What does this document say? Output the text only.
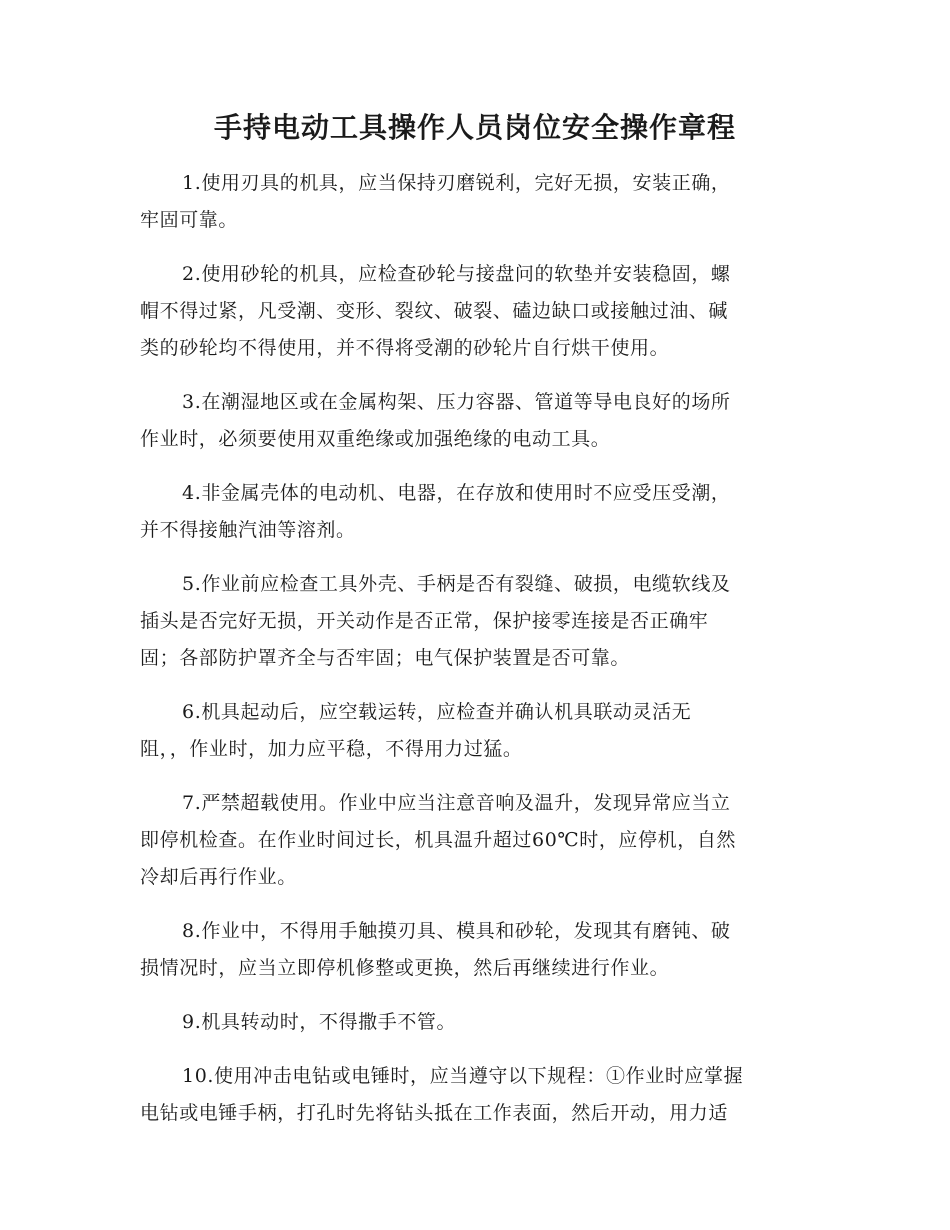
手持电动工具操作人员岗位安全操作章程

1.使用刃具的机具，应当保持刃磨锐利，完好无损，安装正确，
牢固可靠。

2.使用砂轮的机具，应检查砂轮与接盘问的软垫并安装稳固，螺
帽不得过紧，凡受潮、变形、裂纹、破裂、磕边缺口或接触过油、碱
类的砂轮均不得使用，并不得将受潮的砂轮片自行烘干使用。

3.在潮湿地区或在金属构架、压力容器、管道等导电良好的场所
作业时，必须要使用双重绝缘或加强绝缘的电动工具。

4.非金属壳体的电动机、电器，在存放和使用时不应受压受潮，
并不得接触汽油等溶剂。

5.作业前应检查工具外壳、手柄是否有裂缝、破损，电缆软线及
插头是否完好无损，开关动作是否正常，保护接零连接是否正确牢
固；各部防护罩齐全与否牢固；电气保护装置是否可靠。

6.机具起动后，应空载运转，应检查并确认机具联动灵活无
阻，，作业时，加力应平稳，不得用力过猛。

7.严禁超载使用。作业中应当注意音响及温升，发现异常应当立
即停机检查。在作业时间过长，机具温升超过60℃时，应停机，自然
冷却后再行作业。

8.作业中，不得用手触摸刃具、模具和砂轮，发现其有磨钝、破
损情况时，应当立即停机修整或更换，然后再继续进行作业。

9.机具转动时，不得撒手不管。

10.使用冲击电钻或电锤时，应当遵守以下规程：①作业时应掌握
电钻或电锤手柄，打孔时先将钻头抵在工作表面，然后开动，用力适
